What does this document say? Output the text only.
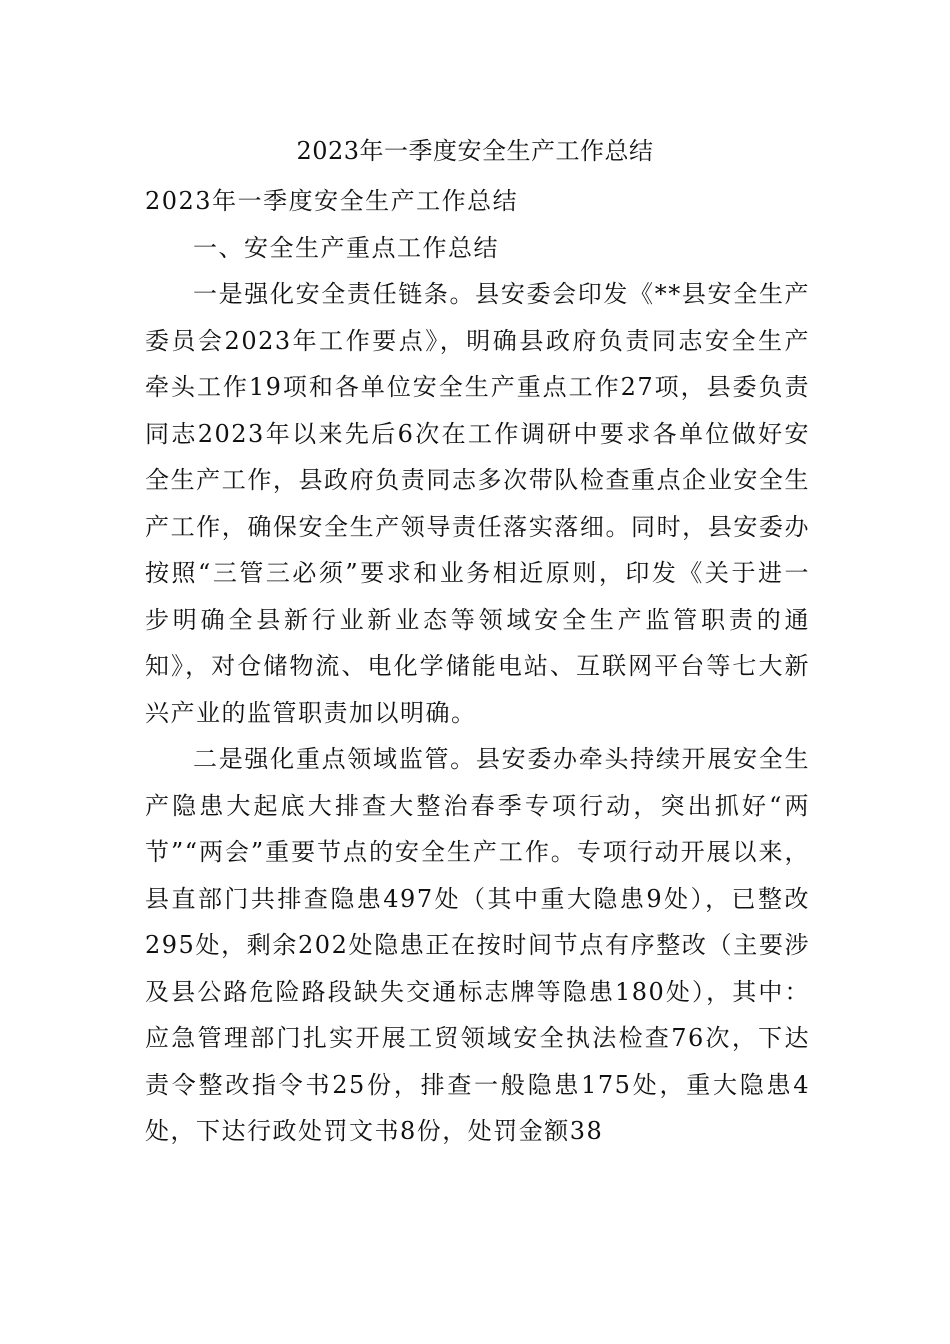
2023年一季度安全生产工作总结

2023年一季度安全生产工作总结

一、安全生产重点工作总结

一是强化安全责任链条。县安委会印发《**县安全生产委员会2023年工作要点》，明确县政府负责同志安全生产牵头工作19项和各单位安全生产重点工作27项，县委负责同志2023年以来先后6次在工作调研中要求各单位做好安全生产工作，县政府负责同志多次带队检查重点企业安全生产工作，确保安全生产领导责任落实落细。同时，县安委办按照“三管三必须”要求和业务相近原则，印发《关于进一步明确全县新行业新业态等领域安全生产监管职责的通知》，对仓储物流、电化学储能电站、互联网平台等七大新兴产业的监管职责加以明确。

二是强化重点领域监管。县安委办牵头持续开展安全生产隐患大起底大排查大整治春季专项行动，突出抓好“两节”“两会”重要节点的安全生产工作。专项行动开展以来，县直部门共排查隐患497处（其中重大隐患9处），已整改295处，剩余202处隐患正在按时间节点有序整改（主要涉及县公路危险路段缺失交通标志牌等隐患180处），其中：应急管理部门扎实开展工贸领域安全执法检查76次，下达责令整改指令书25份，排查一般隐患175处，重大隐患4处，下达行政处罚文书8份，处罚金额38
